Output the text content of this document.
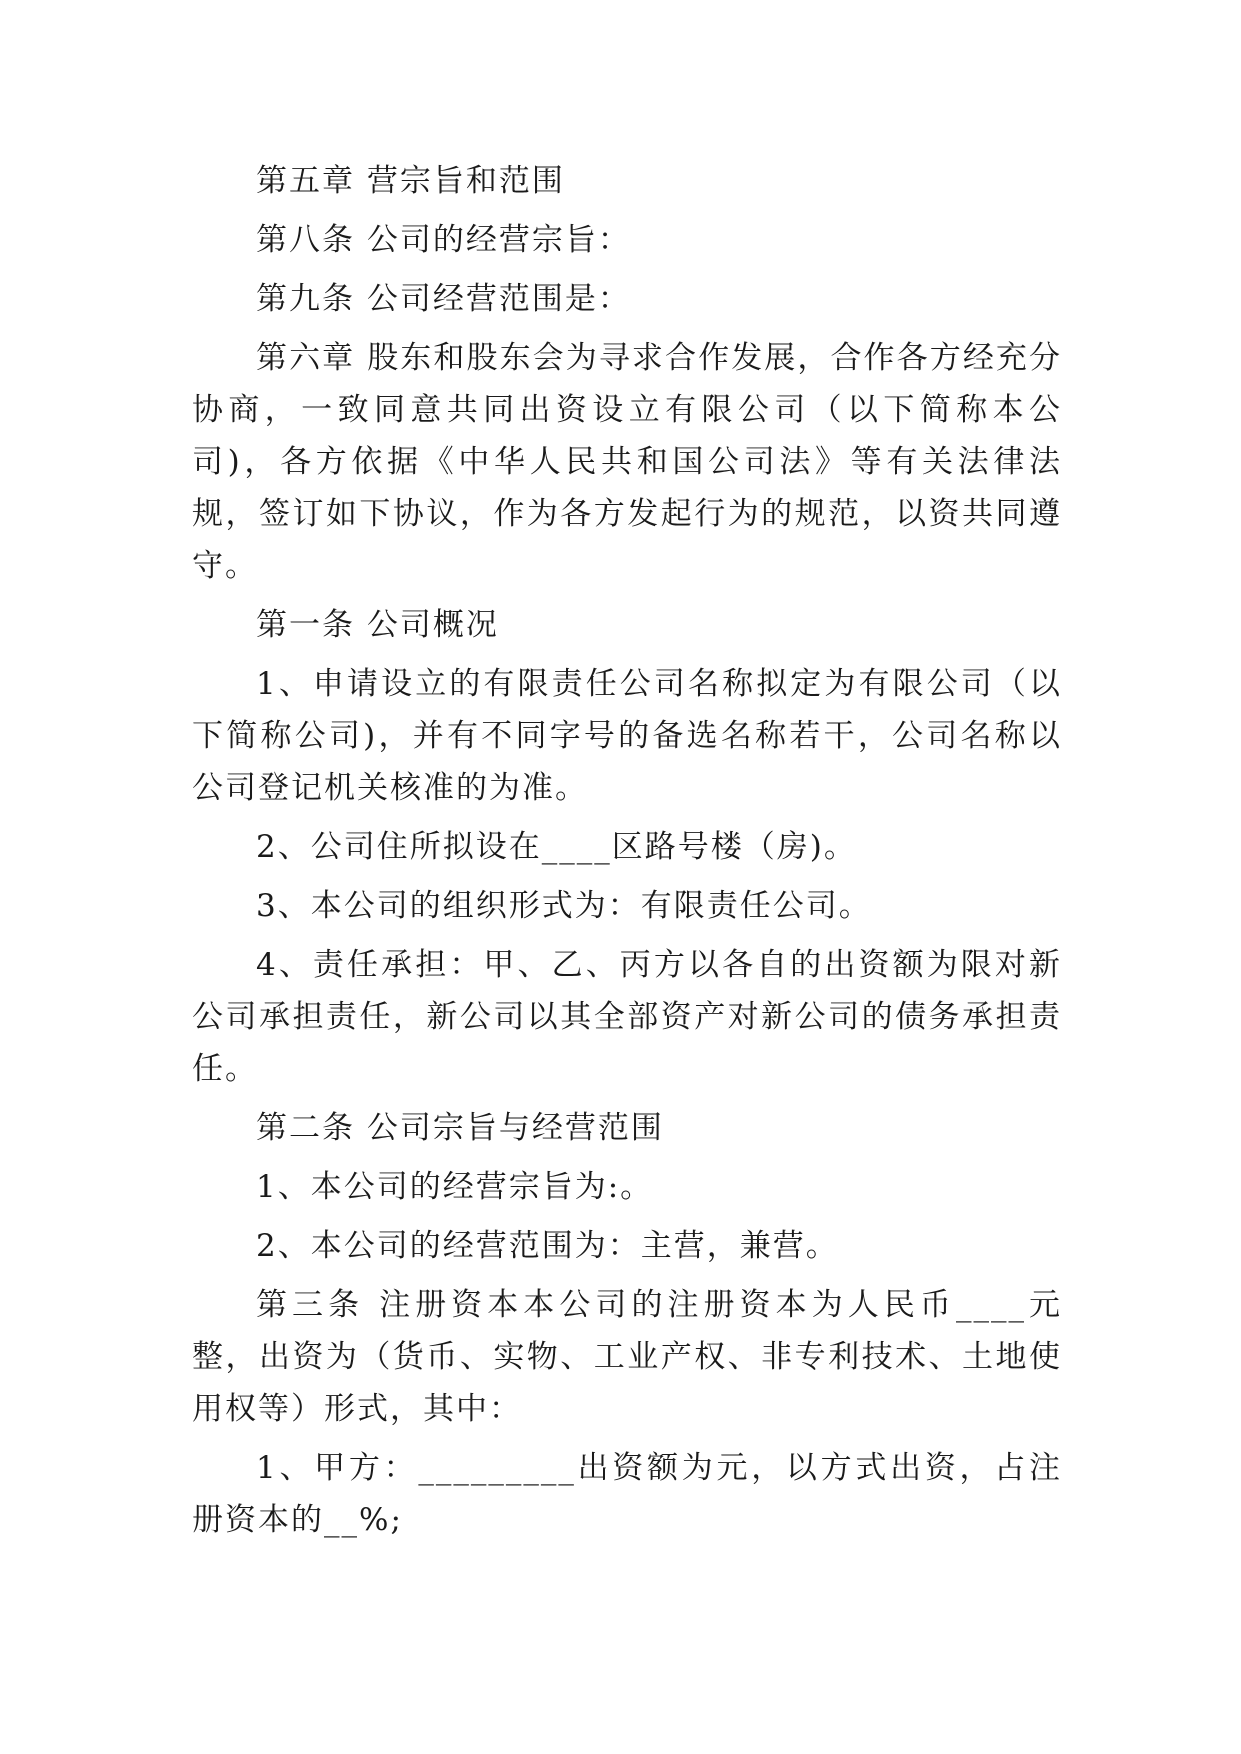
第五章 营宗旨和范围

第八条 公司的经营宗旨：

第九条 公司经营范围是：

第六章 股东和股东会为寻求合作发展，合作各方经充分协商，一致同意共同出资设立有限公司（以下简称本公司)，各方依据《中华人民共和国公司法》等有关法律法规，签订如下协议，作为各方发起行为的规范，以资共同遵守。

第一条 公司概况

1、申请设立的有限责任公司名称拟定为有限公司（以下简称公司)，并有不同字号的备选名称若干，公司名称以公司登记机关核准的为准。

2、公司住所拟设在____区路号楼（房)。

3、本公司的组织形式为：有限责任公司。

4、责任承担：甲、乙、丙方以各自的出资额为限对新公司承担责任，新公司以其全部资产对新公司的债务承担责任。

第二条 公司宗旨与经营范围

1、本公司的经营宗旨为:。

2、本公司的经营范围为：主营，兼营。

第三条 注册资本本公司的注册资本为人民币____元整，出资为（货币、实物、工业产权、非专利技术、土地使用权等）形式，其中：

1、甲方：_________出资额为元，以方式出资，占注册资本的__%;
